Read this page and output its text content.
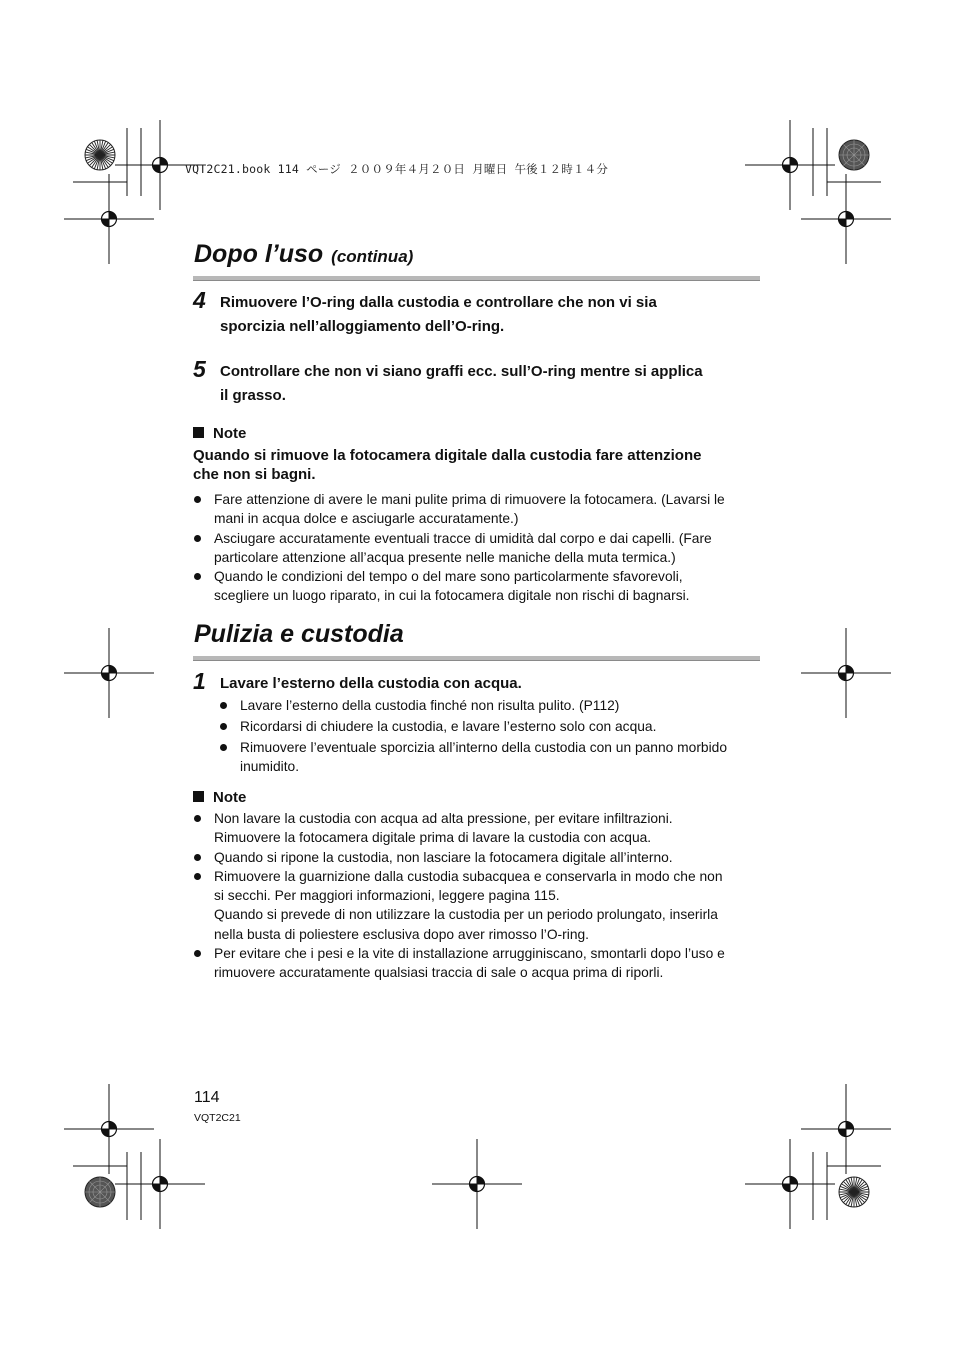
VQT2C21.book 114 ページ ２００９年４月２０日 月曜日 午後１２時１４分
Dopo l’uso (continua)
4 Rimuovere l’O-ring dalla custodia e controllare che non vi sia
sporcizia nell’alloggiamento dell’O-ring.
5 Controllare che non vi siano graffi ecc. sull’O-ring mentre si applica
il grasso.
Note

Quando si rimuove la fotocamera digitale dalla custodia fare attenzione
che non si bagni.

Fare attenzione di avere le mani pulite prima di rimuovere la fotocamera. (Lavarsi le
mani in acqua dolce e asciugarle accuratamente.)
Asciugare accuratamente eventuali tracce di umidità dal corpo e dai capelli. (Fare
particolare attenzione all’acqua presente nelle maniche della muta termica.)
Quando le condizioni del tempo o del mare sono particolarmente sfavorevoli,
scegliere un luogo riparato, in cui la fotocamera digitale non rischi di bagnarsi.
Pulizia e custodia
1 Lavare l’esterno della custodia con acqua.
Lavare l’esterno della custodia finché non risulta pulito. (P112)
Ricordarsi di chiudere la custodia, e lavare l’esterno solo con acqua.
Rimuovere l’eventuale sporcizia all’interno della custodia con un panno morbido
inumidito.
Note
Non lavare la custodia con acqua ad alta pressione, per evitare infiltrazioni.
Rimuovere la fotocamera digitale prima di lavare la custodia con acqua.
Quando si ripone la custodia, non lasciare la fotocamera digitale all’interno.
Rimuovere la guarnizione dalla custodia subacquea e conservarla in modo che non
si secchi. Per maggiori informazioni, leggere pagina 115.
Quando si prevede di non utilizzare la custodia per un periodo prolungato, inserirla
nella busta di poliestere esclusiva dopo aver rimosso l’O-ring.
Per evitare che i pesi e la vite di installazione arrugginiscano, smontarli dopo l’uso e
rimuovere accuratamente qualsiasi traccia di sale o acqua prima di riporli.
114
VQT2C21
